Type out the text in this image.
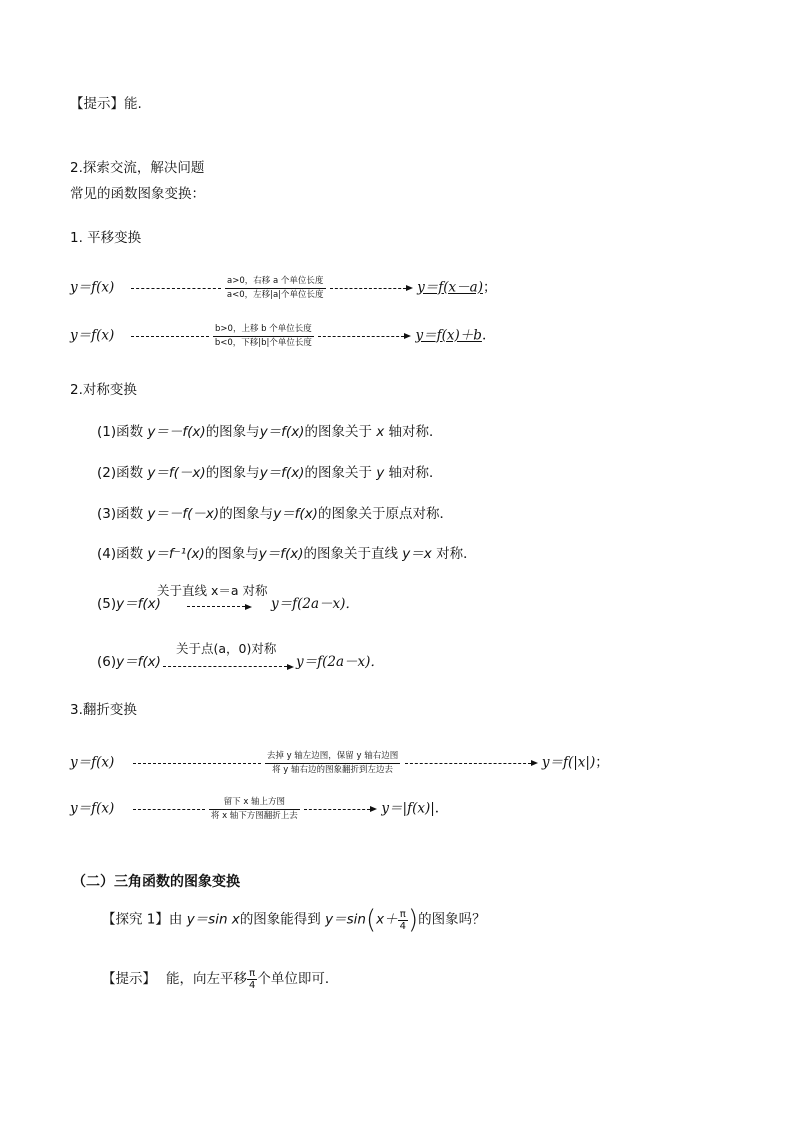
【提示】能.
2.探索交流，解决问题
常见的函数图象变换：
1. 平移变换
y＝f(x)	a>0，右移 a 个单位长度
a<0，左移|a|个单位长度	y＝f(x－a)；
y＝f(x)	b>0，上移 b 个单位长度
b<0，下移|b|个单位长度	y＝f(x)＋b.
2.对称变换
(1)函数 y＝－f(x)的图象与y＝f(x)的图象关于 x 轴对称．
(2)函数 y＝f(－x)的图象与y＝f(x)的图象关于 y 轴对称．
(3)函数 y＝－f(－x)的图象与y＝f(x)的图象关于原点对称．
(4)函数 y＝f⁻¹(x)的图象与y＝f(x)的图象关于直线 y＝x 对称．
(5)y＝f(x)
关于直线 x＝a 对称
y＝f(2a－x)．
(6)y＝f(x)
关于点(a，0)对称
y＝f(2a－x)．
3.翻折变换
y＝f(x)	去掉 y 轴左边图，保留 y 轴右边图
将 y 轴右边的图象翻折到左边去	y＝f(|x|)；
y＝f(x)	留下 x 轴上方图
将 x 轴下方图翻折上去	y＝|f(x)|.
（二）三角函数的图象变换
【探究 1】由 y＝sin x的图象能得到 $y=\sin(x+ \frac{\pi}{4}$ )的图象吗？
【提示】 能，向左平移 $\frac{\pi}{4}$ 个单位即可．
